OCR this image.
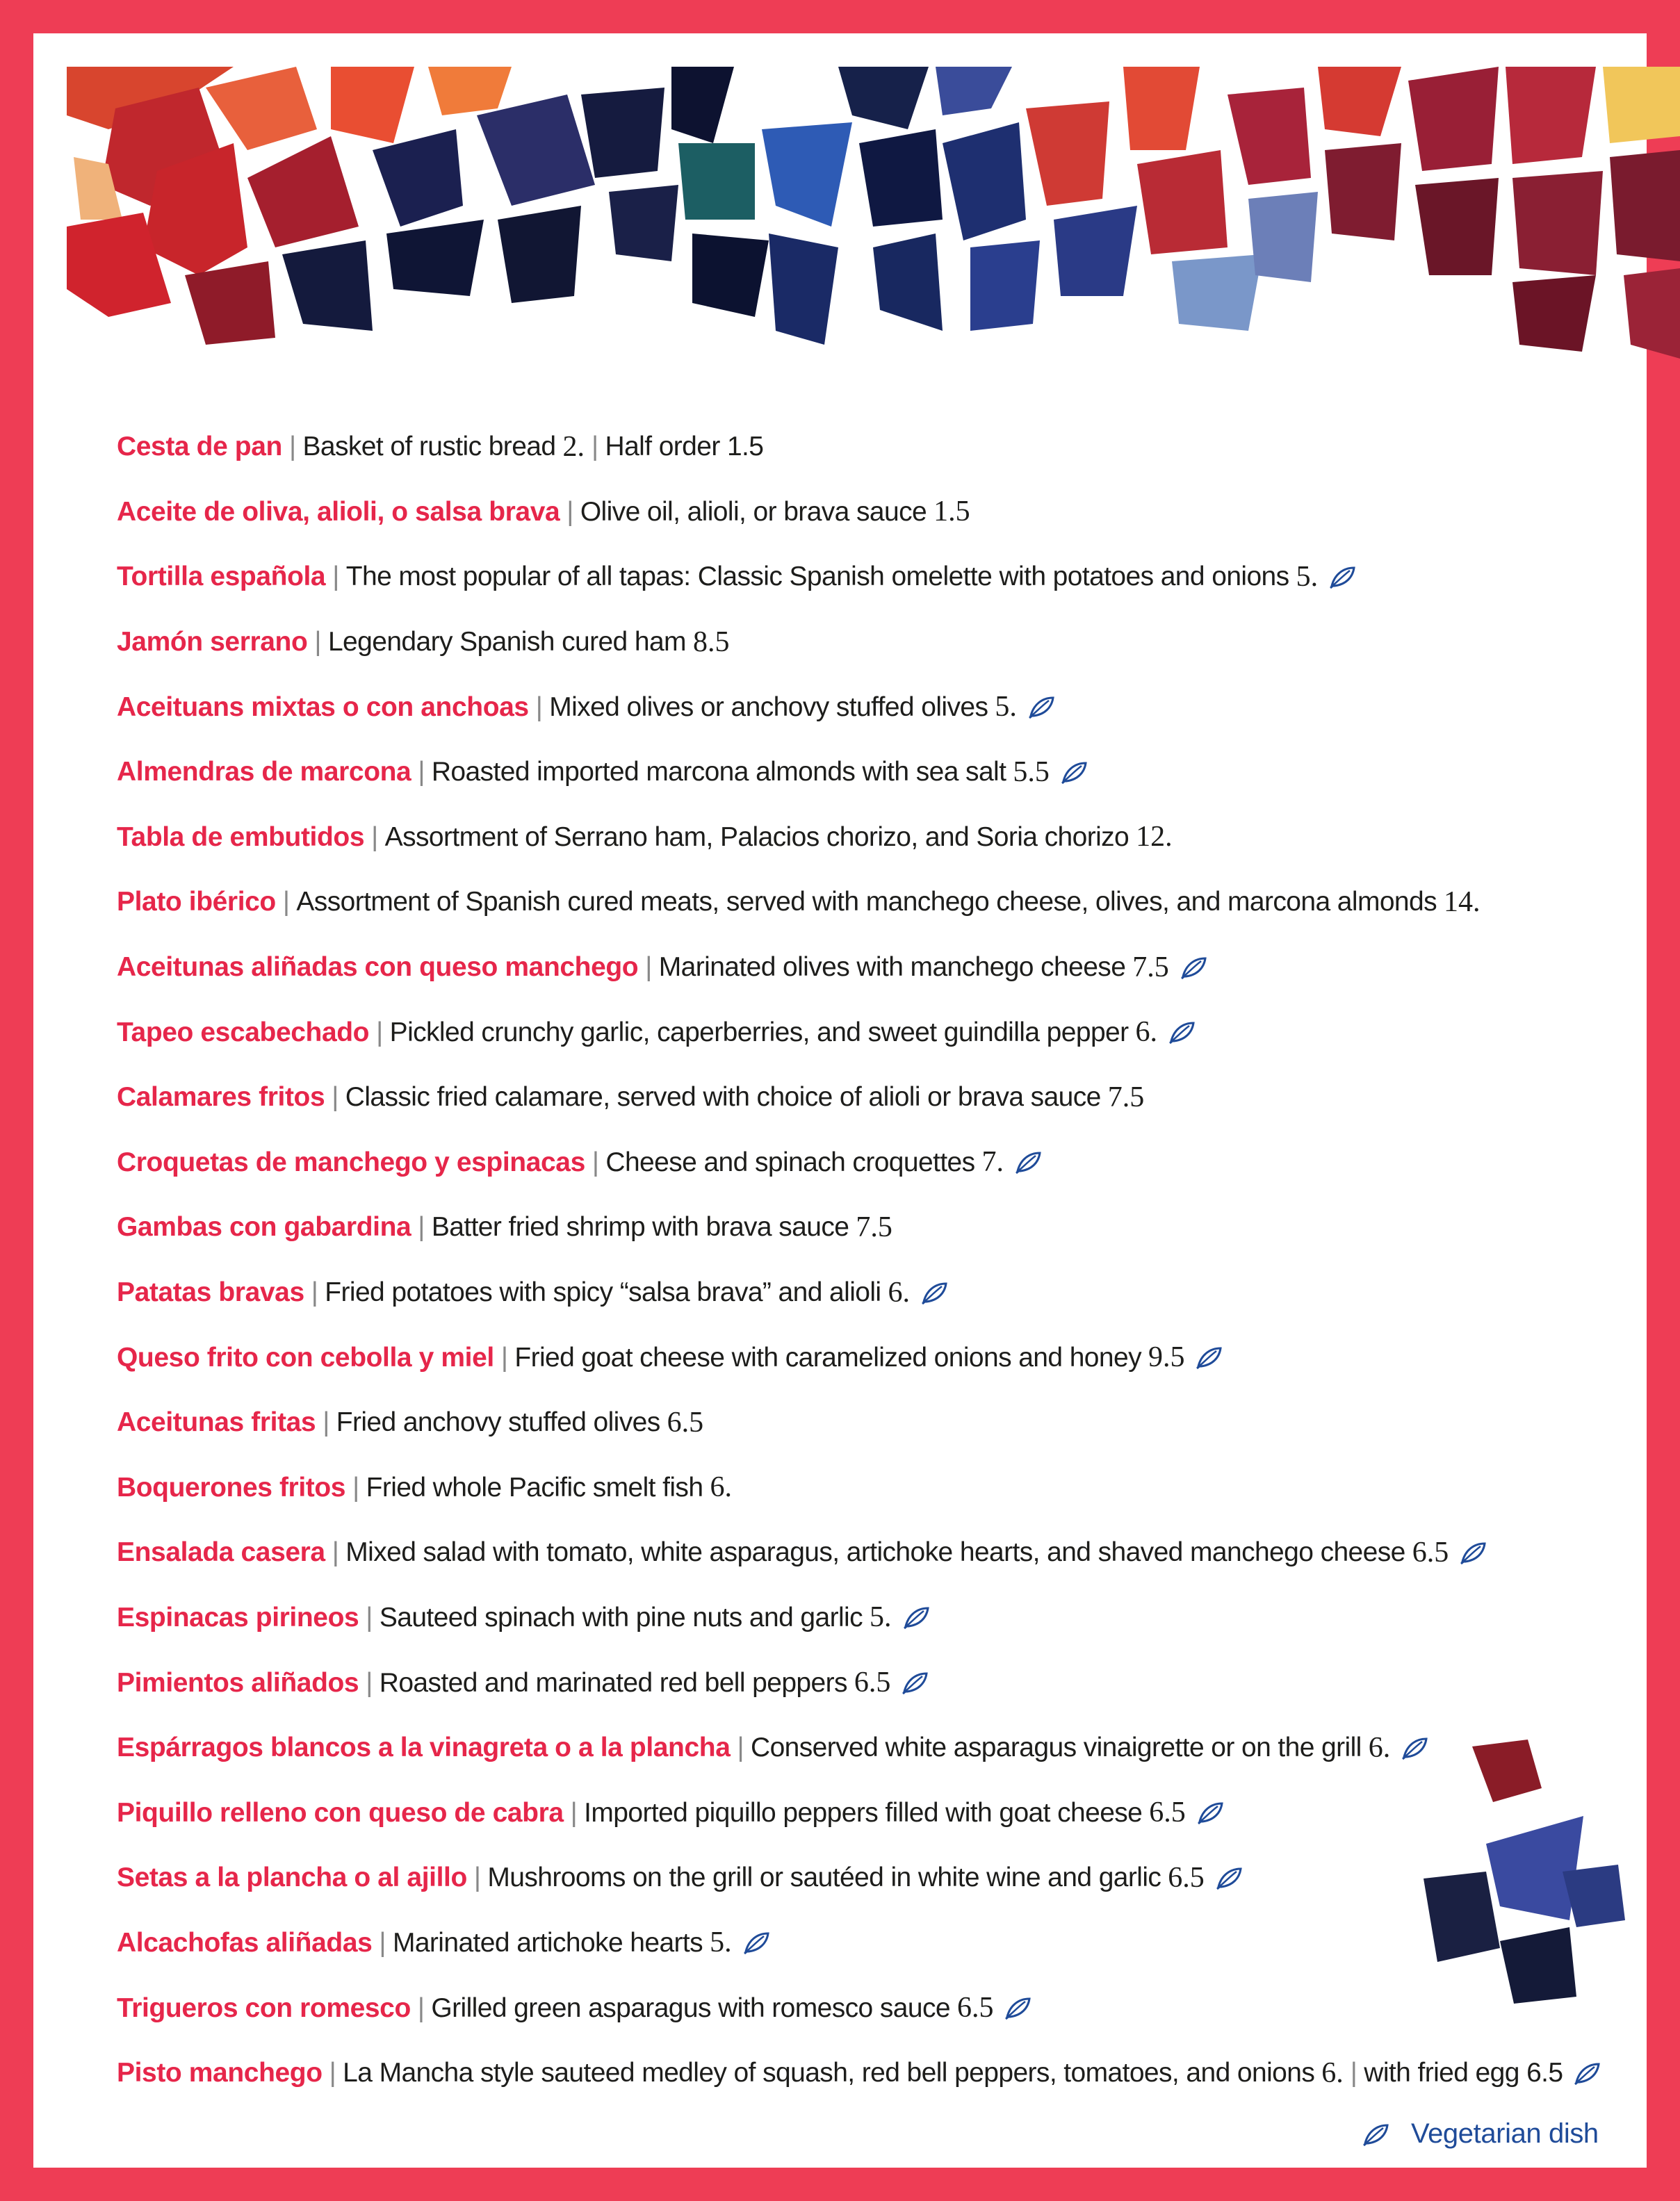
Cesta de pan | Basket of rustic bread 2. | Half order 1.5
Aceite de oliva, alioli, o salsa brava | Olive oil, alioli, or brava sauce 1.5
Tortilla española | The most popular of all tapas: Classic Spanish omelette with potatoes and onions 5.
Jamón serrano | Legendary Spanish cured ham 8.5
Aceituans mixtas o con anchoas | Mixed olives or anchovy stuffed olives 5.
Almendras de marcona | Roasted imported marcona almonds with sea salt 5.5
Tabla de embutidos | Assortment of Serrano ham, Palacios chorizo, and Soria chorizo 12.
Plato ibérico | Assortment of Spanish cured meats, served with manchego cheese, olives, and marcona almonds 14.
Aceitunas aliñadas con queso manchego | Marinated olives with manchego cheese 7.5
Tapeo escabechado | Pickled crunchy garlic, caperberries, and sweet guindilla pepper 6.
Calamares fritos | Classic fried calamare, served with choice of alioli or brava sauce 7.5
Croquetas de manchego y espinacas | Cheese and spinach croquettes 7.
Gambas con gabardina | Batter fried shrimp with brava sauce 7.5
Patatas bravas | Fried potatoes with spicy “salsa brava” and alioli 6.
Queso frito con cebolla y miel | Fried goat cheese with caramelized onions and honey 9.5
Aceitunas fritas | Fried anchovy stuffed olives 6.5
Boquerones fritos | Fried whole Pacific smelt fish 6.
Ensalada casera | Mixed salad with tomato, white asparagus, artichoke hearts, and shaved manchego cheese 6.5
Espinacas pirineos | Sauteed spinach with pine nuts and garlic 5.
Pimientos aliñados | Roasted and marinated red bell peppers 6.5
Espárragos blancos a la vinagreta o a la plancha | Conserved white asparagus vinaigrette or on the grill 6.
Piquillo relleno con queso de cabra | Imported piquillo peppers filled with goat cheese 6.5
Setas a la plancha o al ajillo | Mushrooms on the grill or sautéed in white wine and garlic 6.5
Alcachofas aliñadas | Marinated artichoke hearts 5.
Trigueros con romesco | Grilled green asparagus with romesco sauce 6.5
Pisto manchego | La Mancha style sauteed medley of squash, red bell peppers, tomatoes, and onions 6. | with fried egg 6.5
Vegetarian dish
